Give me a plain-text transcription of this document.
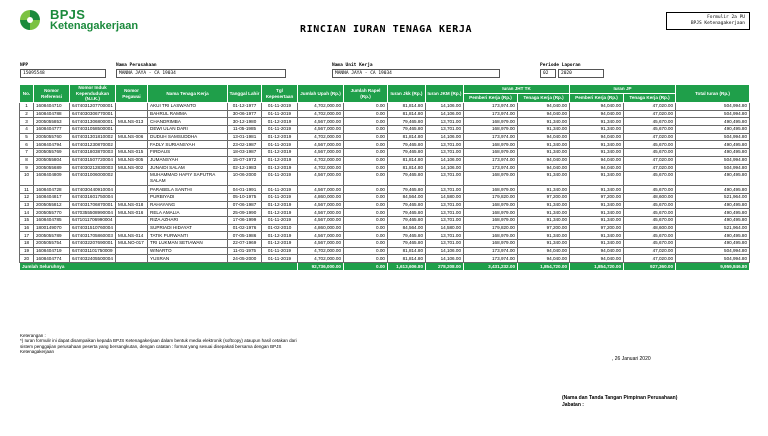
BPJS
Ketenagakerjaan	RINCIAN IURAN TENAGA KERJA
Formulir 2a PU
BPJS Ketenagakerjaan
NPP
15095548
Nama Perusahaan
MANNA JAYA - CA 19034
Nama Unit Kerja
MANNA JAYA - CA 19034
Periode Laporan
02	2020
No.	Nomor Referensi	Nomor Induk Kependudukan (N.I.K.)	Nomor Pegawai	Nama Tenaga Kerja	Tanggal Lahir	Tgl Kepesertaan	Jumlah Upah (Rp.)	Jumlah Rapel (Rp.)	Iuran Jkk (Rp.)	Iuran JKM (Rp.)	Iuran JHT TK		Iuran JP		Total Iuran (Rp.)
											Pemberi Kerja (Rp.)	Tenaga Kerja (Rp.)	Pemberi Kerja (Rp.)	Tenaga Kerja (Rp.)	
1	1608404710	6474031207700001		AKUI TRI LASWANTO	01-12-1977	01-11-2019	4,702,000.00	0.00	81,814.80	14,106.00	173,974.00	94,040.00	94,040.00	47,020.00	504,994.80
2	1608404788	6474030306770001		BAHRUL RAMMA	30-06-1977	01-11-2019	4,702,000.00	0.00	81,814.80	14,106.00	173,974.00	94,040.00	94,040.00	47,020.00	504,994.80
3	2005055853	6474031306800001	MULNS-013	CHANDRIMBA	30-12-1980	01-12-2019	4,567,000.00	0.00	79,465.80	13,701.00	168,979.00	91,340.00	91,340.00	45,670.00	490,495.80
4	1608404777	6474031058500001		DEWI ULAN DARI	11-05-1985	01-11-2019	4,567,000.00	0.00	79,465.80	13,701.00	168,979.00	91,340.00	91,340.00	45,670.00	490,495.80
5	2005055760	6474031301810002	MULNS-006	DUDUH SAMSUDDHA	13-01-1981	01-12-2019	4,702,000.00	0.00	81,814.80	14,106.00	173,974.00	94,040.00	94,040.00	47,020.00	504,994.80
6	1608404794	6474031230870002		FADLY SURIANSYAH	23-02-1987	01-11-2019	4,567,000.00	0.00	79,465.80	13,701.00	168,979.00	91,340.00	91,340.00	45,670.00	490,495.80
7	2005055769	6474031803870003	MULNS-015	FIRDAUS	18-03-1987	01-12-2019	4,567,000.00	0.00	79,465.80	13,701.00	168,979.00	91,340.00	91,340.00	45,670.00	490,495.80
8	2005055804	6474031507720004	MULNS-005	JUMANSYAH	15-07-1972	01-12-2019	4,702,000.00	0.00	81,814.80	14,106.00	173,974.00	94,040.00	94,040.00	47,020.00	504,994.80
9	2005055689	6474030212830003	MULNS-002	JUNAIDI SALAM	02-12-1983	01-12-2019	4,702,000.00	0.00	81,814.80	14,106.00	173,974.00	94,040.00	94,040.00	47,020.00	504,994.80
10	1608404809	6474031006000002		MUHAMMAD HAFIY SAPUTRA SALAM	10-06-2000	01-11-2019	4,567,000.00	0.00	79,465.80	13,701.00	168,979.00	91,340.00	91,340.00	45,670.00	490,495.80
11	1608404728	6474030440910004		PARABELA SANTHI	04-01-1991	01-11-2019	4,567,000.00	0.00	79,465.80	13,701.00	168,979.00	91,340.00	91,340.00	45,670.00	490,495.80
12	1608404817	6474031601750004		PURBIYADI	05-10-1975	01-11-2019	4,860,000.00	0.00	84,564.00	14,580.00	179,820.00	97,200.00	97,200.00	48,600.00	521,964.00
13	2005055812	6474031706870001	MULNS-018	RAHAYANG	07-06-1987	01-12-2019	4,567,000.00	0.00	79,465.80	13,701.00	168,979.00	91,340.00	91,340.00	45,670.00	490,495.80
14	2005055770	6470355508990004	MULNS-016	RELA AMALIA	25-09-1990	01-12-2019	4,567,000.00	0.00	79,465.80	13,701.00	168,979.00	91,340.00	91,340.00	45,670.00	490,495.80
15	1608404785	6471011706990004		RIZA AZHARI	17-06-1999	01-11-2019	4,567,000.00	0.00	79,465.80	13,701.00	168,979.00	91,340.00	91,340.00	45,670.00	490,495.80
16	1800149070	6474031510760004		SUPRIADI HIDAYAT	01-02-1976	01-02-2010	4,860,000.00	0.00	84,564.00	14,580.00	179,820.00	97,200.00	97,200.00	48,600.00	521,964.00
17	2005055789	6474031705860003	MULNS-014	TATIK PURWANTI	07-05-1986	01-12-2019	4,567,000.00	0.00	79,465.80	13,701.00	168,979.00	91,340.00	91,340.00	45,670.00	490,495.80
18	2005055754	6474032207690001	MULNO-017	TRI LUKMAN SETIAWAN	22-07-1969	01-12-2019	4,567,000.00	0.00	79,465.80	13,701.00	168,979.00	91,340.00	91,340.00	45,670.00	490,495.80
19	1608404719	6474031101750009		WINARTO	11-01-1975	01-11-2019	4,702,000.00	0.00	81,814.80	14,106.00	173,974.00	94,040.00	94,040.00	47,020.00	504,994.80
20	1608404774	6474032405500004		YUSRAN	24-05-2000	01-11-2019	4,702,000.00	0.00	81,814.80	14,106.00	173,974.00	94,040.00	94,040.00	47,020.00	504,994.80
Jumlah Seluruhnya							92,736,000.00	0.00	1,613,606.80	278,208.00	3,431,232.00	1,854,720.00	1,854,720.00	927,360.00	9,959,846.80
Keterangan :
*) Iuran formulir ini dapat disampaikan kepada BPJS Ketenagakerjaan dalam bentuk media elektronik (softcopy) ataupun hasil cetakan dari sistem penggajian perusahaan peserta yang bersangkutan, dengan catatan : format yang sesuai disepakati bersama dengan BPJS Ketenagakerjaan
, 26 Januari 2020
(Nama dan Tanda Tangan Pimpinan Perusahaan)
Jabatan :
